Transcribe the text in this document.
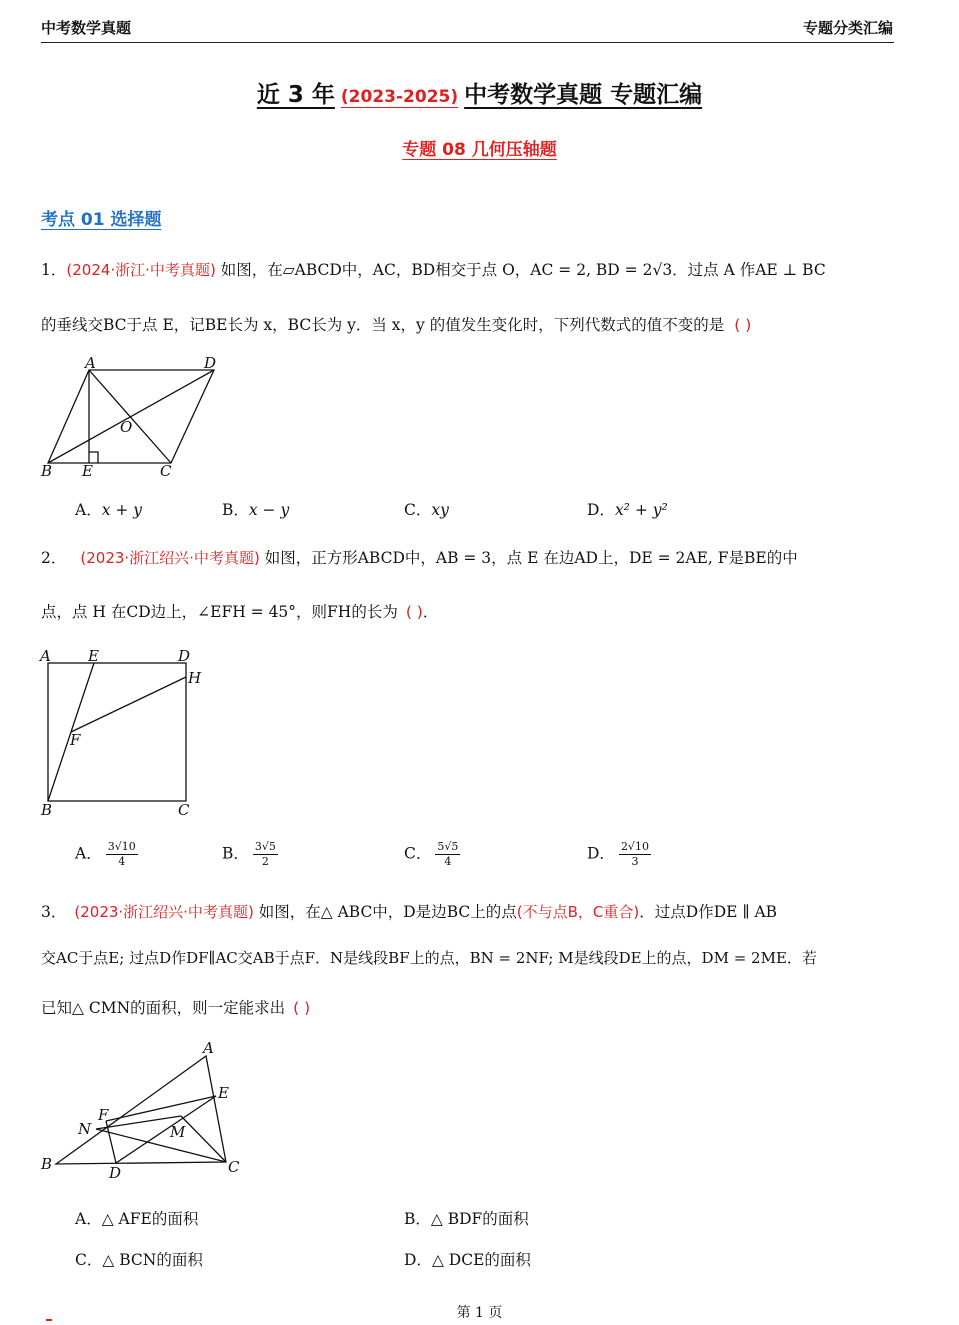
中考数学真题	专题分类汇编
近 3 年 (2023-2025) 中考数学真题 专题汇编
专题 08 几何压轴题
考点 01 选择题
1．(2024·浙江·中考真题) 如图，在▱ABCD中，AC，BD相交于点 O，AC = 2, BD = 2√3．过点 A 作AE ⊥ BC
的垂线交BC于点 E，记BE长为 x，BC长为 y．当 x，y 的值发生变化时，下列代数式的值不变的是 ( )
A	D
O
B E	C
A．x + y	B．x − y	C．xy	D．x² + y²
2． (2023·浙江绍兴·中考真题) 如图，正方形ABCD中，AB = 3，点 E 在边AD上，DE = 2AE, F是BE的中
点，点 H 在CD边上，∠EFH = 45°，则FH的长为 ( )．
A E	D
H
F
B	C
A． $\frac{3√10}{4}$	B． $\frac{3√5}{2}$	C． $\frac{5√5}{4}$	D． $\frac{2√10}{3}$
3． (2023·浙江绍兴·中考真题) 如图，在△ ABC中，D是边BC上的点(不与点B，C重合)．过点D作DE ∥ AB
交AC于点E; 过点D作DF∥AC交AB于点F．N是线段BF上的点，BN = 2NF; M是线段DE上的点，DM = 2ME．若
已知△ CMN的面积，则一定能求出 ( )
A
E
F
N	M
B	D	C
A．△ AFE的面积	B．△ BDF的面积
C．△ BCN的面积	D．△ DCE的面积
第 1 页
